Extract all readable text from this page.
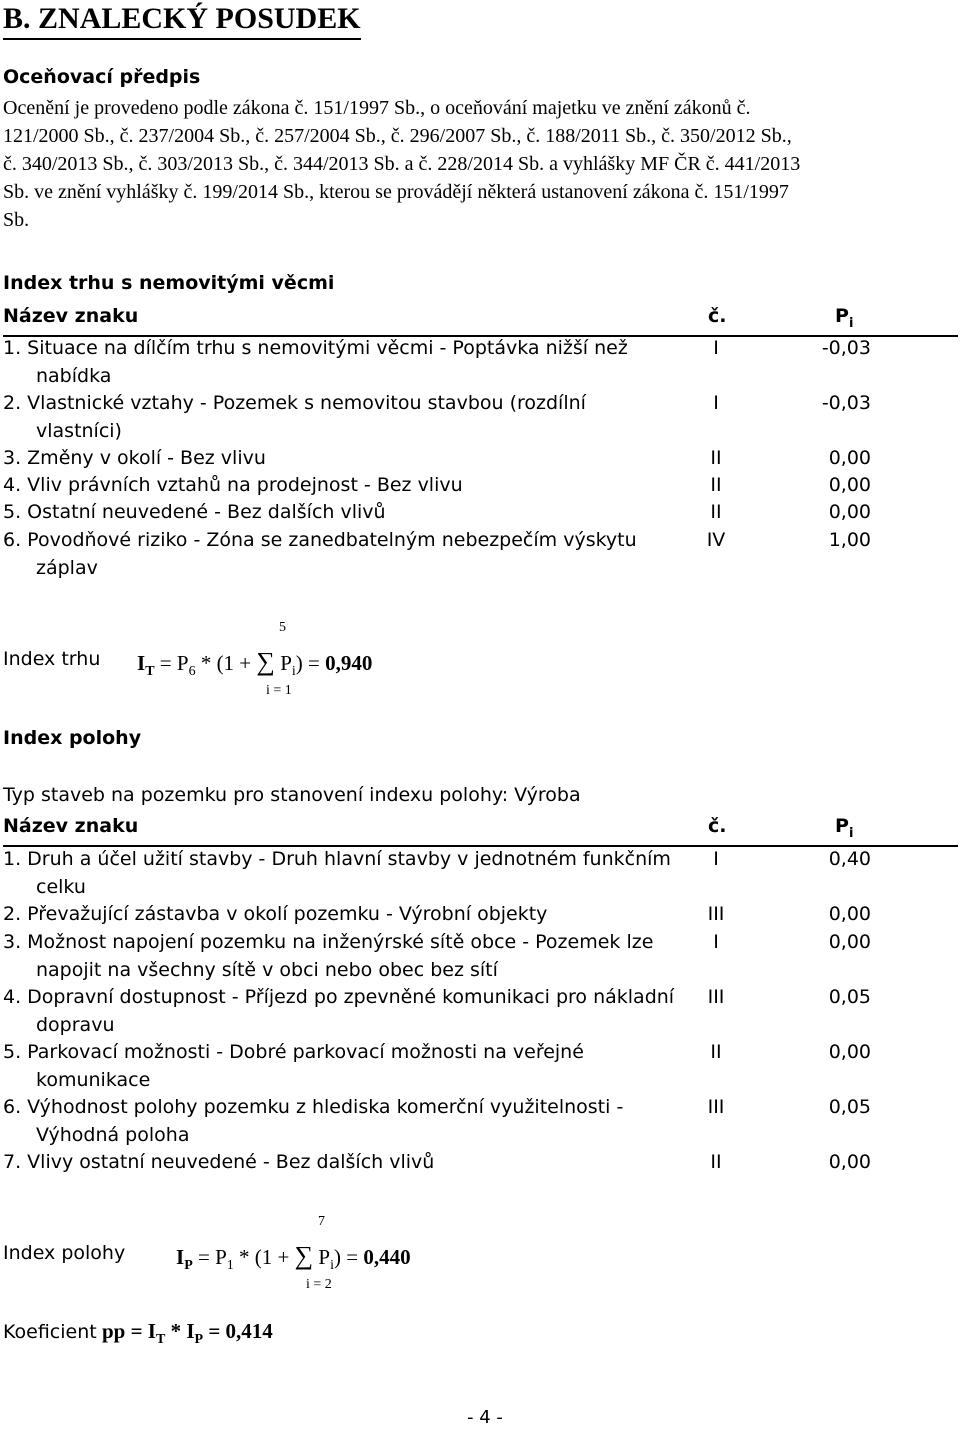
B. ZNALECKÝ POSUDEK
Oceňovací předpis
Ocenění je provedeno podle zákona č. 151/1997 Sb., o oceňování majetku ve znění zákonů č.
121/2000 Sb., č. 237/2004 Sb., č. 257/2004 Sb., č. 296/2007 Sb., č. 188/2011 Sb., č. 350/2012 Sb.,
č. 340/2013 Sb., č. 303/2013 Sb., č. 344/2013 Sb. a č. 228/2014 Sb. a vyhlášky MF ČR č. 441/2013
Sb. ve znění vyhlášky č. 199/2014 Sb., kterou se provádějí některá ustanovení zákona č. 151/1997
Sb.
Index trhu s nemovitými věcmi
Název znaku	č.	$P_i$
1. Situace na dílčím trhu s nemovitými věcmi - Poptávka nižší než
nabídka
I	-0,03
2. Vlastnické vztahy - Pozemek s nemovitou stavbou (rozdílní
vlastníci)
I	-0,03
3. Změny v okolí - Bez vlivu	II	0,00
4. Vliv právních vztahů na prodejnost - Bez vlivu	II	0,00
5. Ostatní neuvedené - Bez dalších vlivů	II	0,00
6. Povodňové riziko - Zóna se zanedbatelným nebezpečím výskytu
záplav
IV	1,00
Index trhu $I_T = P_6 * (1$ + ∑ $P_i) = 0,940$
5
i = 1
Index polohy
Typ staveb na pozemku pro stanovení indexu polohy: Výroba
Název znaku	č.	$P_i$
1. Druh a účel užití stavby - Druh hlavní stavby v jednotném funkčním
celku
I	0,40
2. Převažující zástavba v okolí pozemku - Výrobní objekty	III	0,00
3. Možnost napojení pozemku na inženýrské sítě obce - Pozemek lze
napojit na všechny sítě v obci nebo obec bez sítí
I	0,00
4. Dopravní dostupnost - Příjezd po zpevněné komunikaci pro nákladní
dopravu
III	0,05
5. Parkovací možnosti - Dobré parkovací možnosti na veřejné
komunikace
II	0,00
6. Výhodnost polohy pozemku z hlediska komerční využitelnosti -
Výhodná poloha
III	0,05
7. Vlivy ostatní neuvedené - Bez dalších vlivů	II	0,00
Index polohy $I_P = P_1 * (1$ + ∑ $P_i) = 0,440$
7
i = 2
Koeficient pp = $I_T * I_P = 0,414$
- 4 -
